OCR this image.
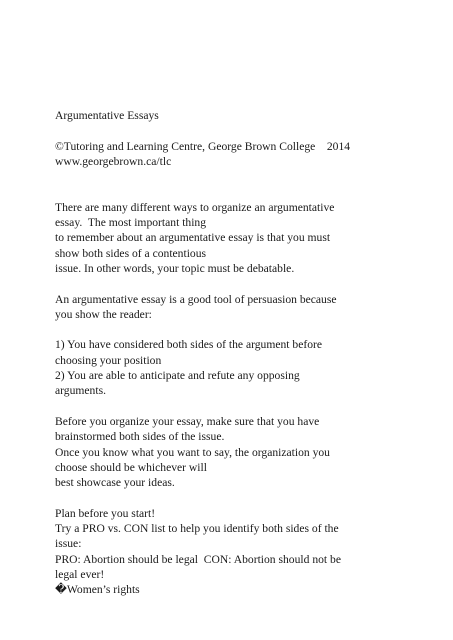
Argumentative Essays
©Tutoring and Learning Centre, George Brown College    2014
www.georgebrown.ca/tlc
There are many different ways to organize an argumentative
essay.  The most important thing
to remember about an argumentative essay is that you must
show both sides of a contentious
issue. In other words, your topic must be debatable.
An argumentative essay is a good tool of persuasion because
you show the reader:
1) You have considered both sides of the argument before
choosing your position
2) You are able to anticipate and refute any opposing
arguments.
Before you organize your essay, make sure that you have
brainstormed both sides of the issue.
Once you know what you want to say, the organization you
choose should be whichever will
best showcase your ideas.
Plan before you start!
Try a PRO vs. CON list to help you identify both sides of the
issue:
PRO: Abortion should be legal  CON: Abortion should not be
legal ever!
�Women’s rights
